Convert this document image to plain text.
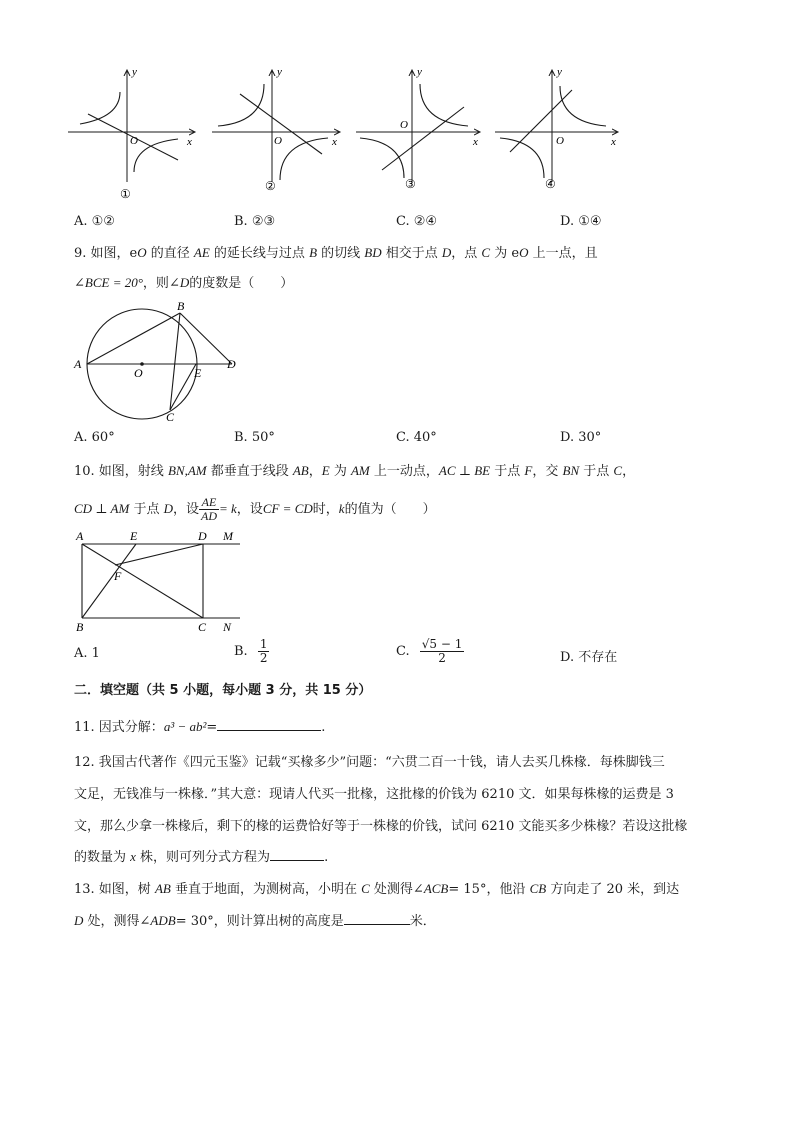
y
x
O
①
y
x
O
②
y
x
O
③
y
x
O
④
A. ①②	B. ②③	C. ②④	D. ①④
9. 如图，eO 的直径 AE 的延长线与过点 B 的切线 BD 相交于点 D，点 C 为 eO 上一点，且
∠BCE = 20°，则∠D的度数是（　　）
A
B
O	E
D
C
A. 60°	B. 50°	C. 40°	D. 30°
10. 如图，射线 BN,AM 都垂直于线段 AB，E 为 AM 上一动点，AC ⊥ BE 于点 F，交 BN 于点 C，
CD ⊥ AM 于点 D，设 $\frac{AE}{AD} = k$，设CF = CD时，k的值为（　　）
A	E	D M
F
B	C N
A. 1	B. $\frac{1}{2}$	C. $\frac{√5 - 1}{2}$	D. 不存在
二．填空题（共 5 小题，每小题 3 分，共 15 分）
11. 因式分解：a³ − ab²=	.
12. 我国古代著作《四元玉鉴》记载“买椽多少”问题：“六贯二百一十钱，请人去买几株椽．每株脚钱三
文足，无钱准与一株椽．”其大意：现请人代买一批椽，这批椽的价钱为 6210 文．如果每株椽的运费是 3
文，那么少拿一株椽后，剩下的椽的运费恰好等于一株椽的价钱，试问 6210 文能买多少株椽？若设这批椽
的数量为 x 株，则可列分式方程为	.
13. 如图，树 AB 垂直于地面，为测树高，小明在 C 处测得∠ACB= 15°，他沿 CB 方向走了 20 米，到达
D 处，测得∠ADB= 30°，则计算出树的高度是	米．
